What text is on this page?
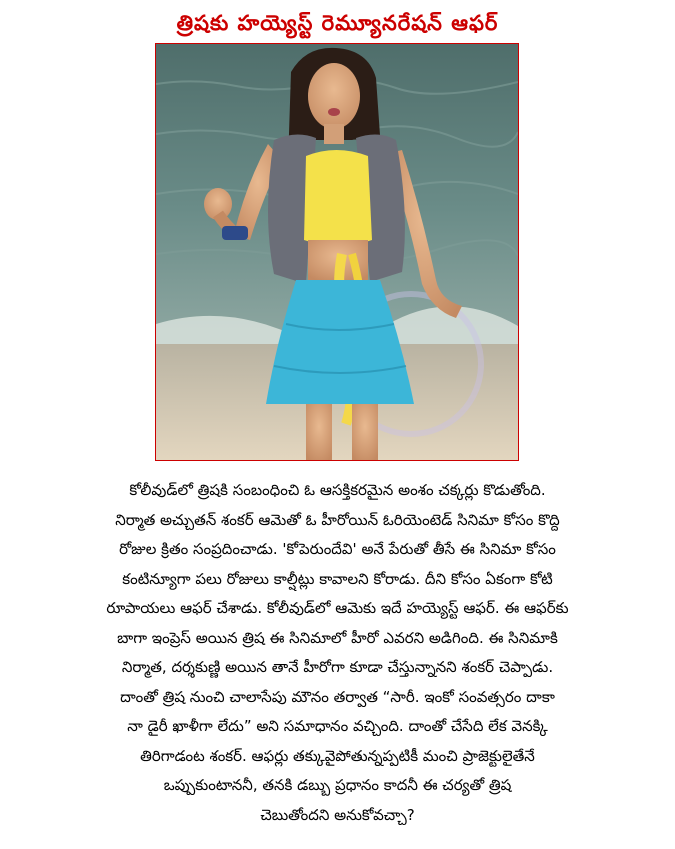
త్రిషకు హయ్యెస్ట్ రెమ్యూనరేషన్ ఆఫర్
కోలీవుడ్‌లో త్రిషకి సంబంధించి ఓ ఆసక్తికరమైన అంశం చక్కర్లు కొడుతోంది.
నిర్మాత అచ్చుతన్ శంకర్ ఆమెతో ఓ హీరోయిన్ ఓరియెంటెడ్ సినిమా కోసం కొద్ది
రోజుల క్రితం సంప్రదించాడు. 'కోపెరుందేవి' అనే పేరుతో తీసే ఈ సినిమా కోసం
కంటిన్యూగా పలు రోజులు కాల్షీట్లు కావాలని కోరాడు. దీని కోసం ఏకంగా కోటి
రూపాయలు ఆఫర్ చేశాడు. కోలీవుడ్‌లో ఆమెకు ఇదే హయ్యెస్ట్ ఆఫర్. ఈ ఆఫర్‌కు
బాగా ఇంప్రెస్ అయిన త్రిష ఈ సినిమాలో హీరో ఎవరని అడిగింది. ఈ సినిమాకి
నిర్మాత, దర్శకుణ్ణి అయిన తానే హీరోగా కూడా చేస్తున్నానని శంకర్ చెప్పాడు.
దాంతో త్రిష నుంచి చాలాసేపు మౌనం తర్వాత “సారీ. ఇంకో సంవత్సరం దాకా
నా డైరీ ఖాళీగా లేదు” అని సమాధానం వచ్చింది. దాంతో చేసేది లేక వెనక్కి
తిరిగాడంట శంకర్. ఆఫర్లు తక్కువైపోతున్నప్పటికీ మంచి ప్రాజెక్టులైతేనే
ఒప్పుకుంటాననీ, తనకి డబ్బు ప్రధానం కాదనీ ఈ చర్యతో త్రిష
చెబుతోందని అనుకోవచ్చా?
